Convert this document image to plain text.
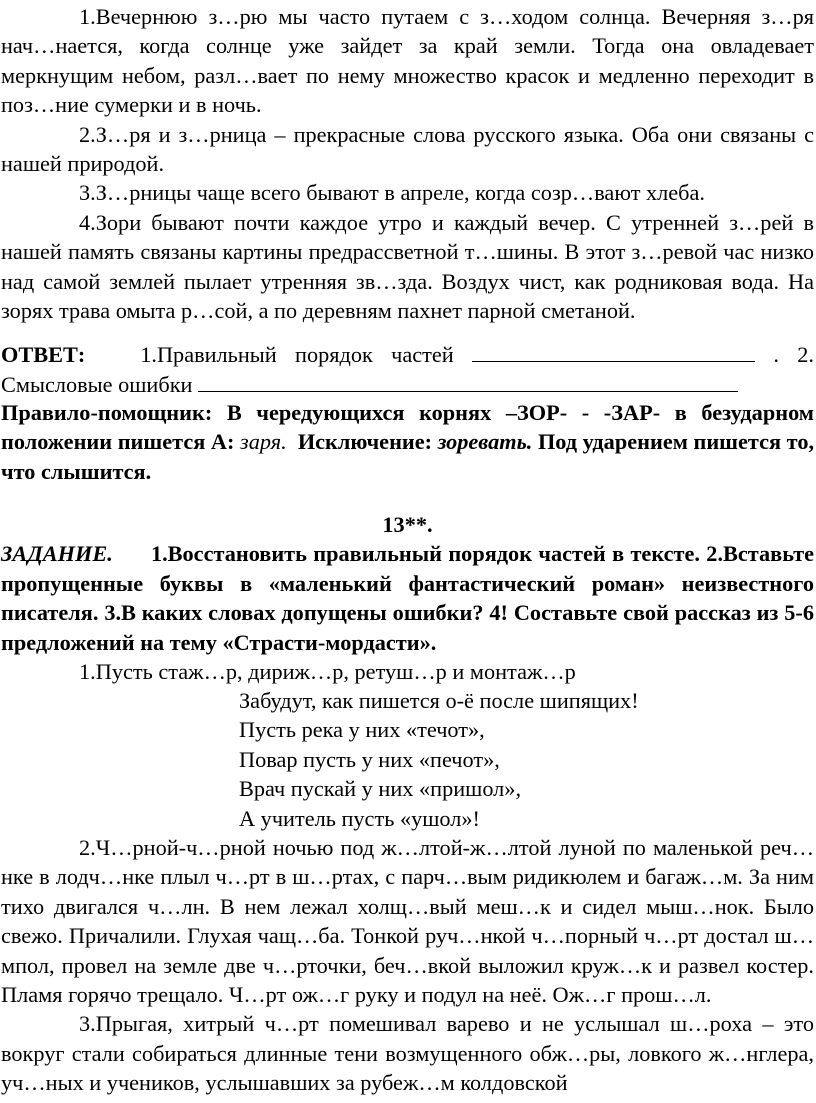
1.Вечернюю з…рю мы часто путаем с з…ходом солнца. Вечерняя з…ря нач…нается, когда солнце уже зайдет за край земли. Тогда она овладевает меркнущим небом, разл…вает по нему множество красок и медленно переходит в поз…ние сумерки и в ночь.

2.З…ря и з…рница – прекрасные слова русского языка. Оба они связаны с нашей природой.

3.З…рницы чаще всего бывают в апреле, когда созр…вают хлеба.

4.Зори бывают почти каждое утро и каждый вечер. С утренней з…рей в нашей память связаны картины предрассветной т…шины. В этот з…ревой час низко над самой землей пылает утренняя зв…зда. Воздух чист, как родниковая вода. На зорях трава омыта р…сой, а по деревням пахнет парной сметаной.

ОТВЕТ: 1.Правильный порядок частей	. 2.

Смысловые ошибки

Правило-помощник: В чередующихся корнях –ЗОР- - -ЗАР- в безударном положении пишется А: заря. Исключение: зоревать. Под ударением пишется то, что слышится.

13**.

ЗАДАНИЕ. 1.Восстановить правильный порядок частей в тексте. 2.Вставьте пропущенные буквы в «маленький фантастический роман» неизвестного писателя. 3.В каких словах допущены ошибки? 4! Составьте свой рассказ из 5-6 предложений на тему «Страсти-мордасти».

1.Пусть стаж…р, дириж…р, ретуш…р и монтаж…р

Забудут, как пишется о-ё после шипящих!

Пусть река у них «течот»,

Повар пусть у них «печот»,

Врач пускай у них «пришол»,

А учитель пусть «ушол»!

2.Ч…рной-ч…рной ночью под ж…лтой-ж…лтой луной по маленькой реч…нке в лодч…нке плыл ч…рт в ш…ртах, с парч…вым ридикюлем и багаж…м. За ним тихо двигался ч…лн. В нем лежал холщ…вый меш…к и сидел мыш…нок. Было свежо. Причалили. Глухая чащ…ба. Тонкой руч…нкой ч…порный ч…рт достал ш…мпол, провел на земле две ч…рточки, беч…вкой выложил круж…к и развел костер. Пламя горячо трещало. Ч…рт ож…г руку и подул на неё. Ож…г прош…л.

3.Прыгая, хитрый ч…рт помешивал варево и не услышал ш…роха – это вокруг стали собираться длинные тени возмущенного обж…ры, ловкого ж…нглера, уч…ных и учеников, услышавших за рубеж…м колдовской
